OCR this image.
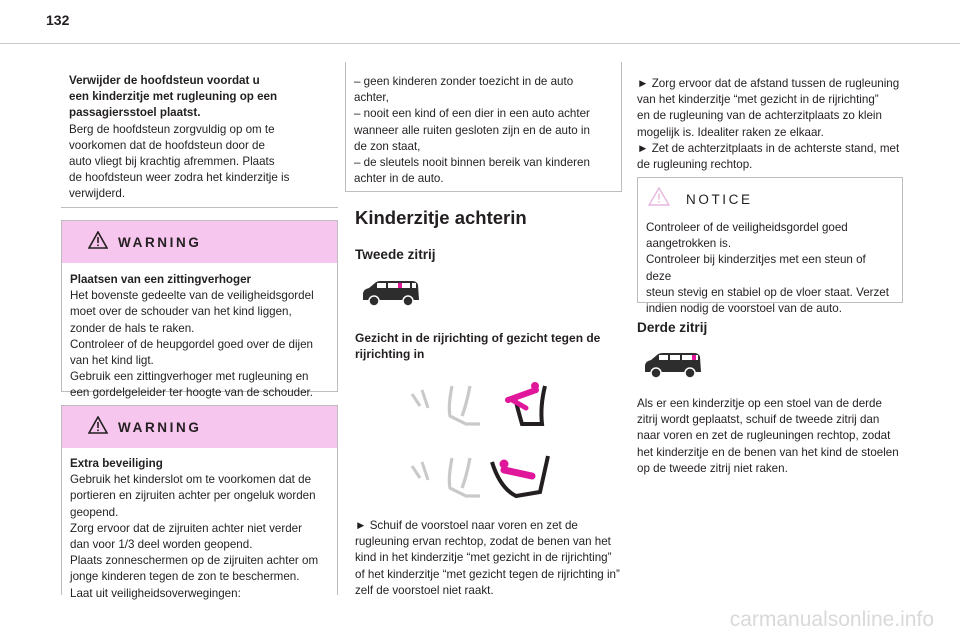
132

Verwijder de hoofdsteun voordat u

een kinderzitje met rugleuning op een

passagiersstoel plaatst.

Berg de hoofdsteun zorgvuldig op om te

voorkomen dat de hoofdsteun door de

auto vliegt bij krachtig afremmen. Plaats

de hoofdsteun weer zodra het kinderzitje is

verwijderd.

WARNING

Plaatsen van een zittingverhoger

Het bovenste gedeelte van de veiligheidsgordel

moet over de schouder van het kind liggen,

zonder de hals te raken.

Controleer of de heupgordel goed over de dijen

van het kind ligt.

Gebruik een zittingverhoger met rugleuning en

een gordelgeleider ter hoogte van de schouder.

WARNING

Extra beveiliging

Gebruik het kinderslot om te voorkomen dat de

portieren en zijruiten achter per ongeluk worden

geopend.

Zorg ervoor dat de zijruiten achter niet verder

dan voor 1/3 deel worden geopend.

Plaats zonneschermen op de zijruiten achter om

jonge kinderen tegen de zon te beschermen.

Laat uit veiligheidsoverwegingen:

– geen kinderen zonder toezicht in de auto

achter,

– nooit een kind of een dier in een auto achter

wanneer alle ruiten gesloten zijn en de auto in

de zon staat,

– de sleutels nooit binnen bereik van kinderen

achter in de auto.

Kinderzitje achterin
Tweede zitrij

Gezicht in de rijrichting of gezicht tegen de

rijrichting in

► Schuif de voorstoel naar voren en zet de

rugleuning ervan rechtop, zodat de benen van het

kind in het kinderzitje “met gezicht in de rijrichting”

of het kinderzitje “met gezicht tegen de rijrichting in”

zelf de voorstoel niet raakt.

► Zorg ervoor dat de afstand tussen de rugleuning

van het kinderzitje “met gezicht in de rijrichting”

en de rugleuning van de achterzitplaats zo klein

mogelijk is. Idealiter raken ze elkaar.

► Zet de achterzitplaats in de achterste stand, met

de rugleuning rechtop.

NOTICE

Controleer of de veiligheidsgordel goed

aangetrokken is.

Controleer bij kinderzitjes met een steun of deze

steun stevig en stabiel op de vloer staat. Verzet

indien nodig de voorstoel van de auto.

Derde zitrij

Als er een kinderzitje op een stoel van de derde

zitrij wordt geplaatst, schuif de tweede zitrij dan

naar voren en zet de rugleuningen rechtop, zodat

het kinderzitje en de benen van het kind de stoelen

op de tweede zitrij niet raken.

carmanualsonline.info
